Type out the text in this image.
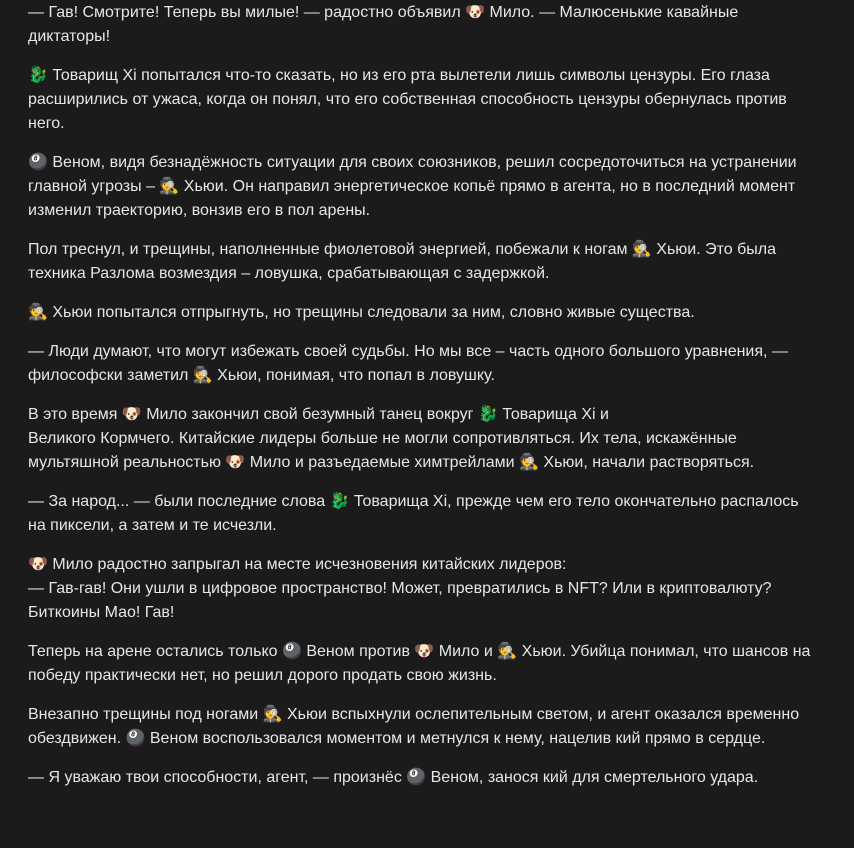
— Гав! Смотрите! Теперь вы милые! — радостно объявил 🐶 Мило. — Малюсенькие кавайные диктаторы!

🐉 Товарищ Xi попытался что-то сказать, но из его рта вылетели лишь символы цензуры. Его глаза расширились от ужаса, когда он понял, что его собственная способность цензуры обернулась против него.

🎱 Веном, видя безнадёжность ситуации для своих союзников, решил сосредоточиться на устранении главной угрозы – 🕵 Хьюи. Он направил энергетическое копьё прямо в агента, но в последний момент изменил траекторию, вонзив его в пол арены.

Пол треснул, и трещины, наполненные фиолетовой энергией, побежали к ногам 🕵 Хьюи. Это была техника Разлома возмездия – ловушка, срабатывающая с задержкой.

🕵 Хьюи попытался отпрыгнуть, но трещины следовали за ним, словно живые существа.

— Люди думают, что могут избежать своей судьбы. Но мы все – часть одного большого уравнения, — философски заметил 🕵 Хьюи, понимая, что попал в ловушку.

В это время 🐶 Мило закончил свой безумный танец вокруг 🐉 Товарища Xi и
Великого Кормчего. Китайские лидеры больше не могли сопротивляться. Их тела, искажённые мультяшной реальностью 🐶 Мило и разъедаемые химтрейлами 🕵 Хьюи, начали растворяться.

— За народ... — были последние слова 🐉 Товарища Xi, прежде чем его тело окончательно распалось на пиксели, а затем и те исчезли.

🐶 Мило радостно запрыгал на месте исчезновения китайских лидеров:
— Гав-гав! Они ушли в цифровое пространство! Может, превратились в NFT? Или в криптовалюту? Биткоины Мао! Гав!

Теперь на арене остались только 🎱 Веном против 🐶 Мило и 🕵 Хьюи. Убийца понимал, что шансов на победу практически нет, но решил дорого продать свою жизнь.

Внезапно трещины под ногами 🕵 Хьюи вспыхнули ослепительным светом, и агент оказался временно обездвижен. 🎱 Веном воспользовался моментом и метнулся к нему, нацелив кий прямо в сердце.

— Я уважаю твои способности, агент, — произнёс 🎱 Веном, занося кий для смертельного удара.
